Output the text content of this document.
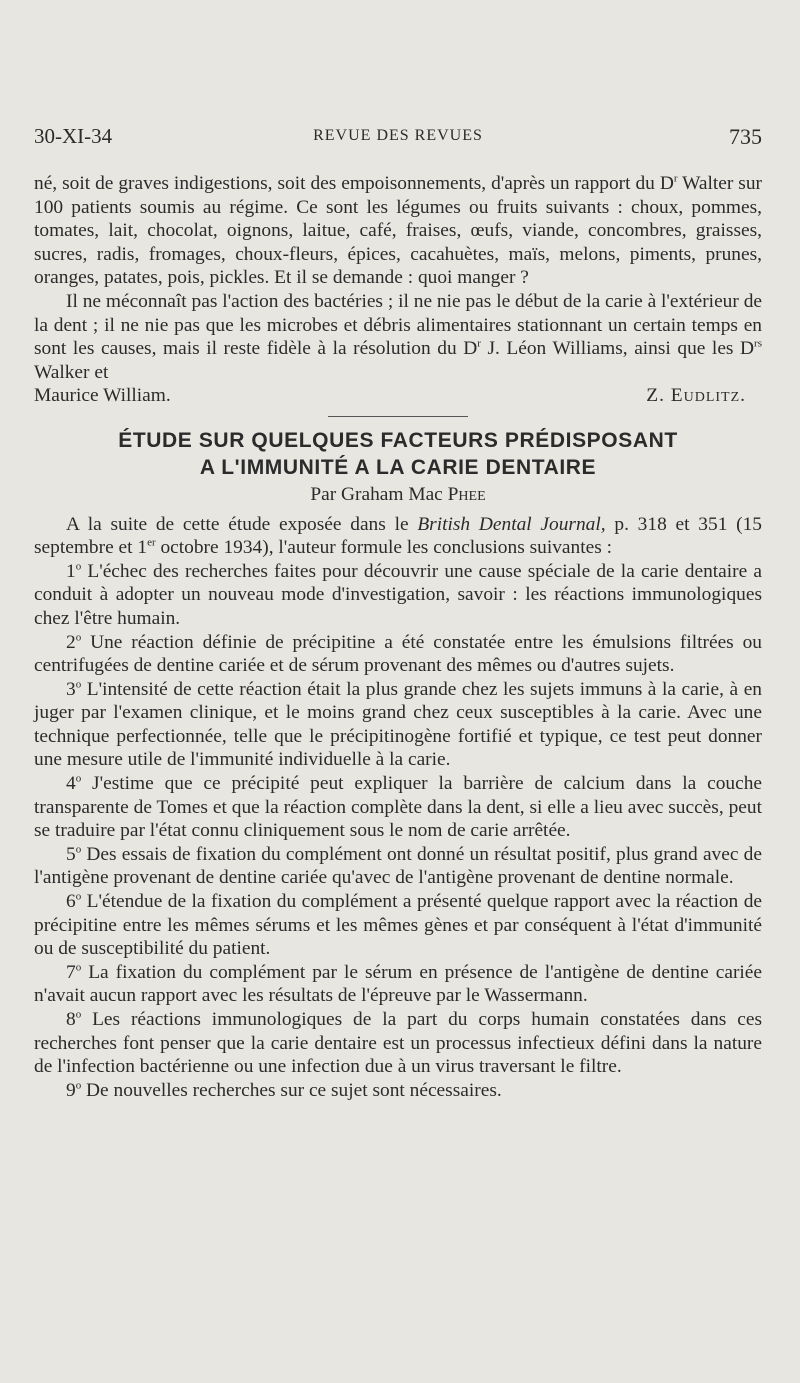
30-XI-34	REVUE DES REVUES	735

né, soit de graves indigestions, soit des empoisonnements, d'après un rapport du $D^r$ Walter sur 100 patients soumis au régime. Ce sont les légumes ou fruits suivants : choux, pommes, tomates, lait, chocolat, oignons, laitue, café, fraises, œufs, viande, concombres, graisses, sucres, radis, fromages, choux-fleurs, épices, cacahuètes, maïs, melons, piments, prunes, oranges, patates, pois, pickles. Et il se demande : quoi manger ?

Il ne méconnaît pas l'action des bactéries ; il ne nie pas le début de la carie à l'extérieur de la dent ; il ne nie pas que les microbes et débris alimentaires stationnant un certain temps en sont les causes, mais il reste fidèle à la résolution du $D^r$ J. Léon Williams, ainsi que les $D^{rs}$ Walker et

Maurice William.	Z. Eudlitz.
ÉTUDE SUR QUELQUES FACTEURS PRÉDISPOSANT
A L'IMMUNITÉ A LA CARIE DENTAIRE
Par Graham Mac Phee

A la suite de cette étude exposée dans le British Dental Journal, p. 318 et 351 (15 septembre et 1er octobre 1934), l'auteur formule les conclusions suivantes :

1$^o$ L'échec des recherches faites pour découvrir une cause spéciale de la carie dentaire a conduit à adopter un nouveau mode d'investigation, savoir : les réactions immunologiques chez l'être humain.

2$^o$ Une réaction définie de précipitine a été constatée entre les émulsions filtrées ou centrifugées de dentine cariée et de sérum provenant des mêmes ou d'autres sujets.

3$^o$ L'intensité de cette réaction était la plus grande chez les sujets immuns à la carie, à en juger par l'examen clinique, et le moins grand chez ceux susceptibles à la carie. Avec une technique perfectionnée, telle que le précipitinogène fortifié et typique, ce test peut donner une mesure utile de l'immunité individuelle à la carie.

4$^o$ J'estime que ce précipité peut expliquer la barrière de calcium dans la couche transparente de Tomes et que la réaction complète dans la dent, si elle a lieu avec succès, peut se traduire par l'état connu cliniquement sous le nom de carie arrêtée.

5$^o$ Des essais de fixation du complément ont donné un résultat positif, plus grand avec de l'antigène provenant de dentine cariée qu'avec de l'antigène provenant de dentine normale.

6$^o$ L'étendue de la fixation du complément a présenté quelque rapport avec la réaction de précipitine entre les mêmes sérums et les mêmes gènes et par conséquent à l'état d'immunité ou de susceptibilité du patient.

7$^o$ La fixation du complément par le sérum en présence de l'antigène de dentine cariée n'avait aucun rapport avec les résultats de l'épreuve par le Wassermann.

8$^o$ Les réactions immunologiques de la part du corps humain constatées dans ces recherches font penser que la carie dentaire est un processus infectieux défini dans la nature de l'infection bactérienne ou une infection due à un virus traversant le filtre.

9$^o$ De nouvelles recherches sur ce sujet sont nécessaires.
